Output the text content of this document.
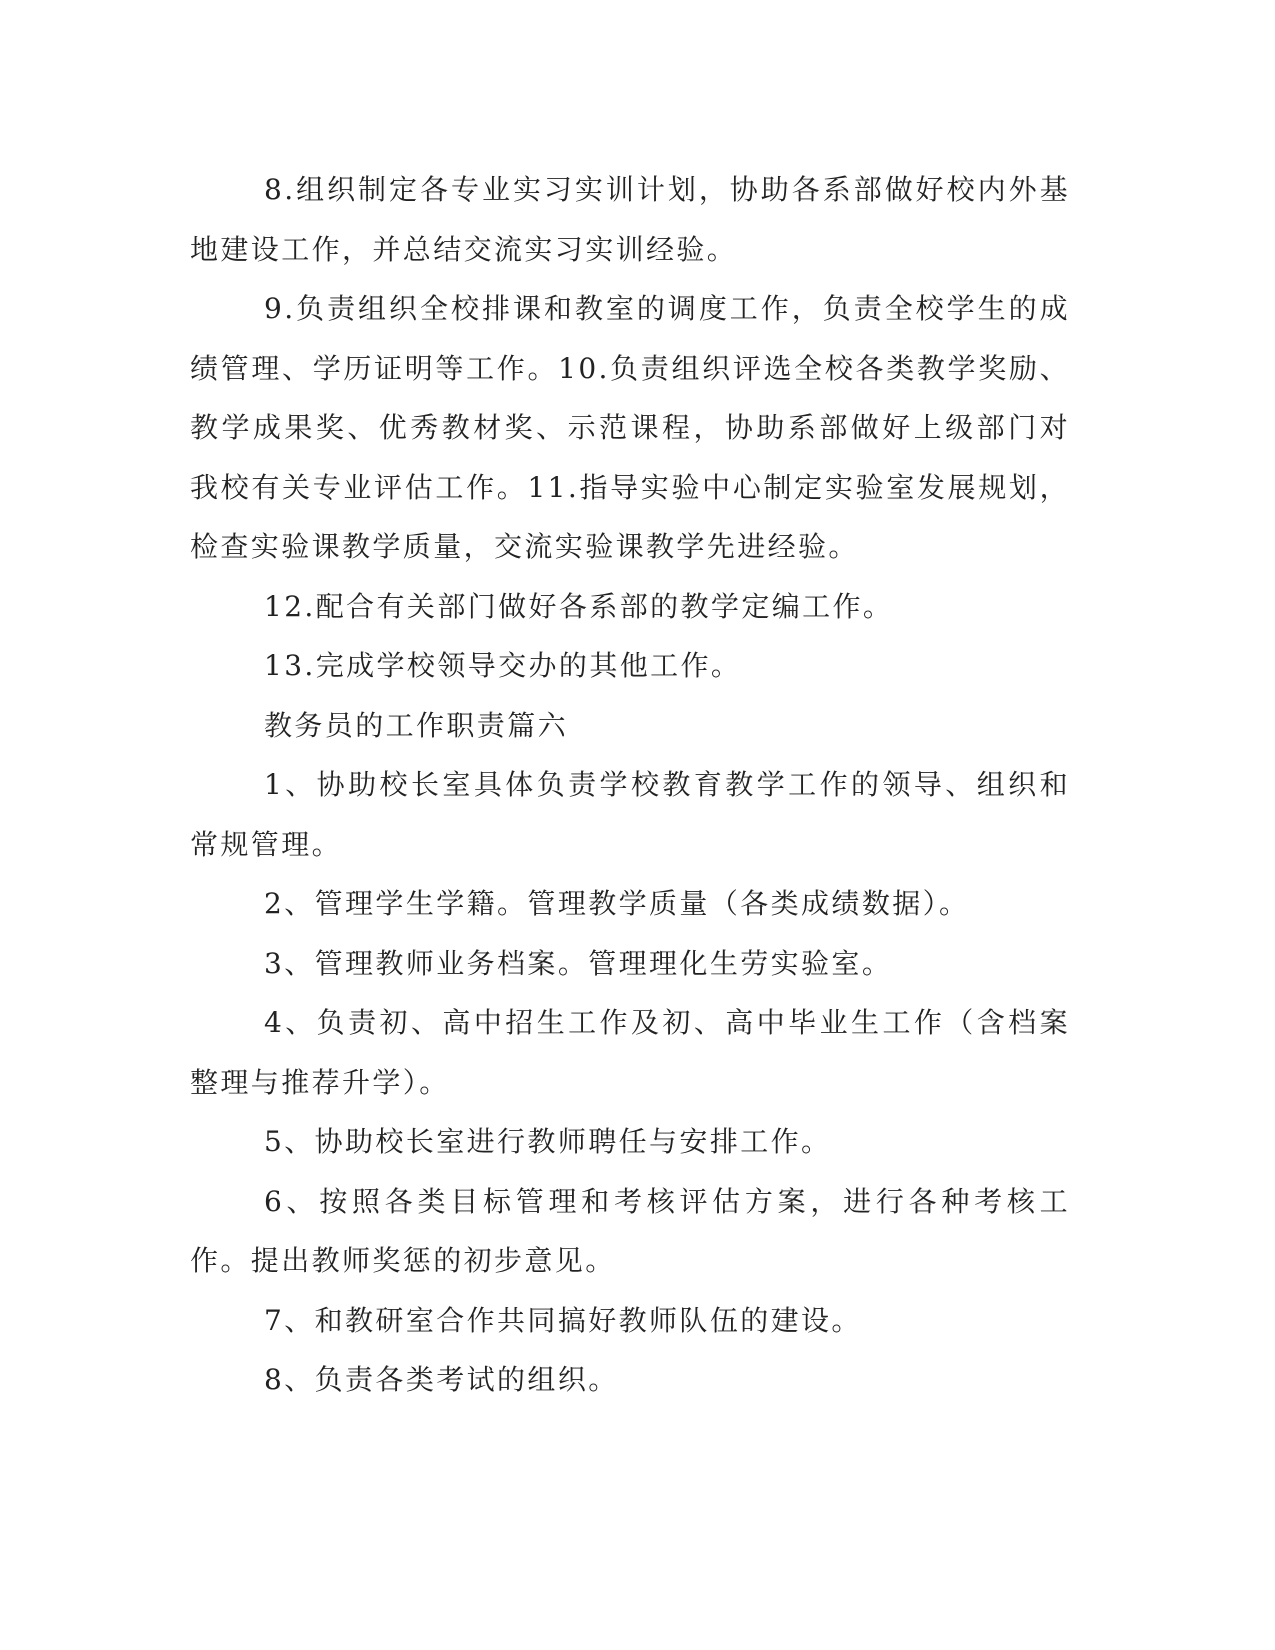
8.组织制定各专业实习实训计划，协助各系部做好校内外基地建设工作，并总结交流实习实训经验。

9.负责组织全校排课和教室的调度工作，负责全校学生的成绩管理、学历证明等工作。10.负责组织评选全校各类教学奖励、教学成果奖、优秀教材奖、示范课程，协助系部做好上级部门对我校有关专业评估工作。11.指导实验中心制定实验室发展规划，检查实验课教学质量，交流实验课教学先进经验。

12.配合有关部门做好各系部的教学定编工作。

13.完成学校领导交办的其他工作。

教务员的工作职责篇六

1、协助校长室具体负责学校教育教学工作的领导、组织和常规管理。

2、管理学生学籍。管理教学质量（各类成绩数据）。

3、管理教师业务档案。管理理化生劳实验室。

4、负责初、高中招生工作及初、高中毕业生工作（含档案整理与推荐升学）。

5、协助校长室进行教师聘任与安排工作。

6、按照各类目标管理和考核评估方案，进行各种考核工作。提出教师奖惩的初步意见。

7、和教研室合作共同搞好教师队伍的建设。

8、负责各类考试的组织。
